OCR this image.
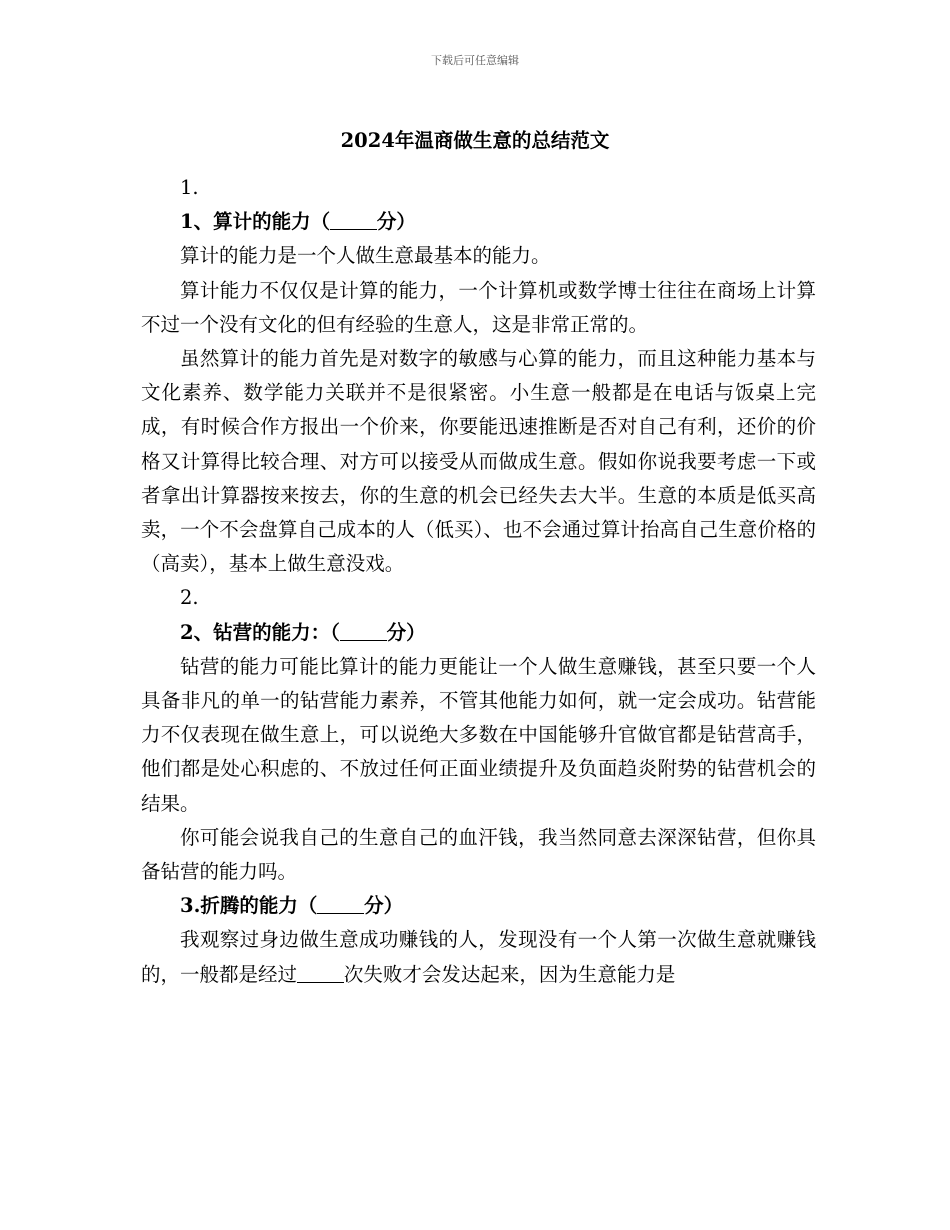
下载后可任意编辑
2024年温商做生意的总结范文

1.

1、算计的能力（ 分）

算计的能力是一个人做生意最基本的能力。

算计能力不仅仅是计算的能力，一个计算机或数学博士往往在商场上计算不过一个没有文化的但有经验的生意人，这是非常正常的。

虽然算计的能力首先是对数字的敏感与心算的能力，而且这种能力基本与文化素养、数学能力关联并不是很紧密。小生意一般都是在电话与饭桌上完成，有时候合作方报出一个价来，你要能迅速推断是否对自己有利，还价的价格又计算得比较合理、对方可以接受从而做成生意。假如你说我要考虑一下或者拿出计算器按来按去，你的生意的机会已经失去大半。生意的本质是低买高卖，一个不会盘算自己成本的人（低买）、也不会通过算计抬高自己生意价格的（高卖），基本上做生意没戏。

2.

2、钻营的能力：（ 分）

钻营的能力可能比算计的能力更能让一个人做生意赚钱，甚至只要一个人具备非凡的单一的钻营能力素养，不管其他能力如何，就一定会成功。钻营能力不仅表现在做生意上，可以说绝大多数在中国能够升官做官都是钻营高手，他们都是处心积虑的、不放过任何正面业绩提升及负面趋炎附势的钻营机会的结果。

你可能会说我自己的生意自己的血汗钱，我当然同意去深深钻营，但你具备钻营的能力吗。

3.折腾的能力（ 分）

我观察过身边做生意成功赚钱的人，发现没有一个人第一次做生意就赚钱的，一般都是经过 次失败才会发达起来，因为生意能力是
